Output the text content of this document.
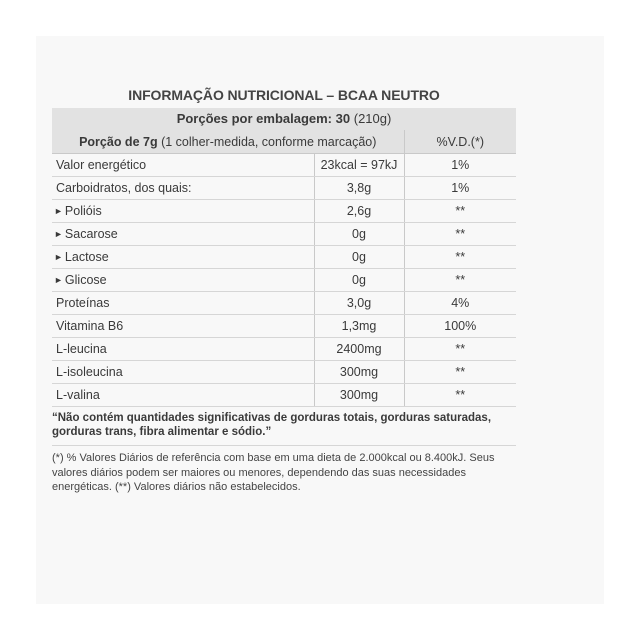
INFORMAÇÃO NUTRICIONAL – BCAA NEUTRO
Porções por embalagem: 30 (210g)
Porção de 7g (1 colher-medida, conforme marcação)		%V.D.(*)
Valor energético	23kcal = 97kJ	1%
Carboidratos, dos quais:	3,8g	1%
► Polióis	2,6g	**
► Sacarose	0g	**
► Lactose	0g	**
► Glicose	0g	**
Proteínas	3,0g	4%
Vitamina B6	1,3mg	100%
L-leucina	2400mg	**
L-isoleucina	300mg	**
L-valina	300mg	**
“Não contém quantidades significativas de gorduras totais, gorduras saturadas, gorduras trans, fibra alimentar e sódio.”
(*) % Valores Diários de referência com base em uma dieta de 2.000kcal ou 8.400kJ. Seus valores diários podem ser maiores ou menores, dependendo das suas necessidades energéticas. (**) Valores diários não estabelecidos.
